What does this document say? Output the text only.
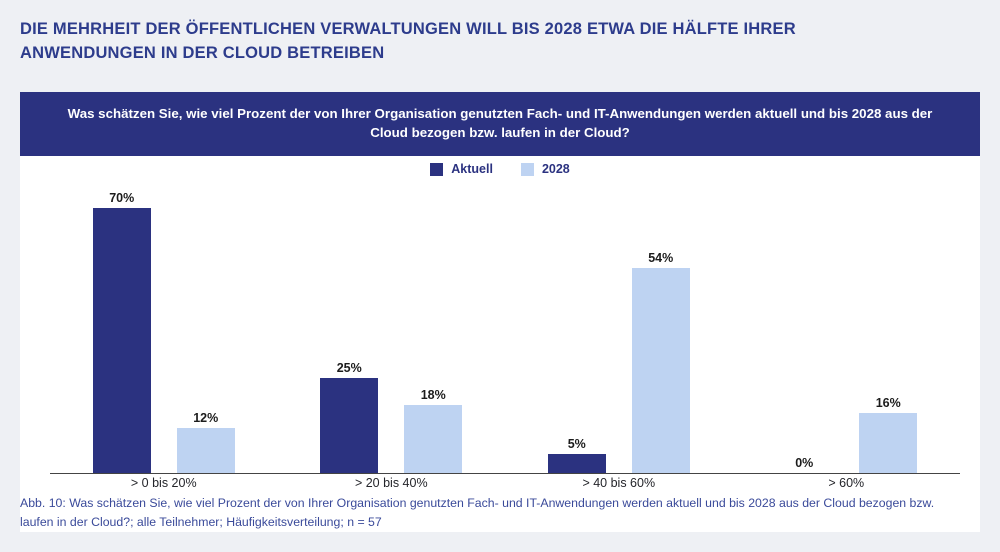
DIE MEHRHEIT DER ÖFFENTLICHEN VERWALTUNGEN WILL BIS 2028 ETWA DIE HÄLFTE IHRER ANWENDUNGEN IN DER CLOUD BETREIBEN
Was schätzen Sie, wie viel Prozent der von Ihrer Organisation genutzten Fach- und IT-Anwendungen werden aktuell und bis 2028 aus der Cloud bezogen bzw. laufen in der Cloud?
Aktuell	2028
70%
12%
25%
18%
5%
54%
0%
16%
> 0 bis 20%	> 20 bis 40%	> 40 bis 60%	> 60%
Abb. 10: Was schätzen Sie, wie viel Prozent der von Ihrer Organisation genutzten Fach- und IT-Anwendungen werden aktuell und bis 2028 aus der Cloud bezogen bzw. laufen in der Cloud?; alle Teilnehmer; Häufigkeitsverteilung; n = 57
